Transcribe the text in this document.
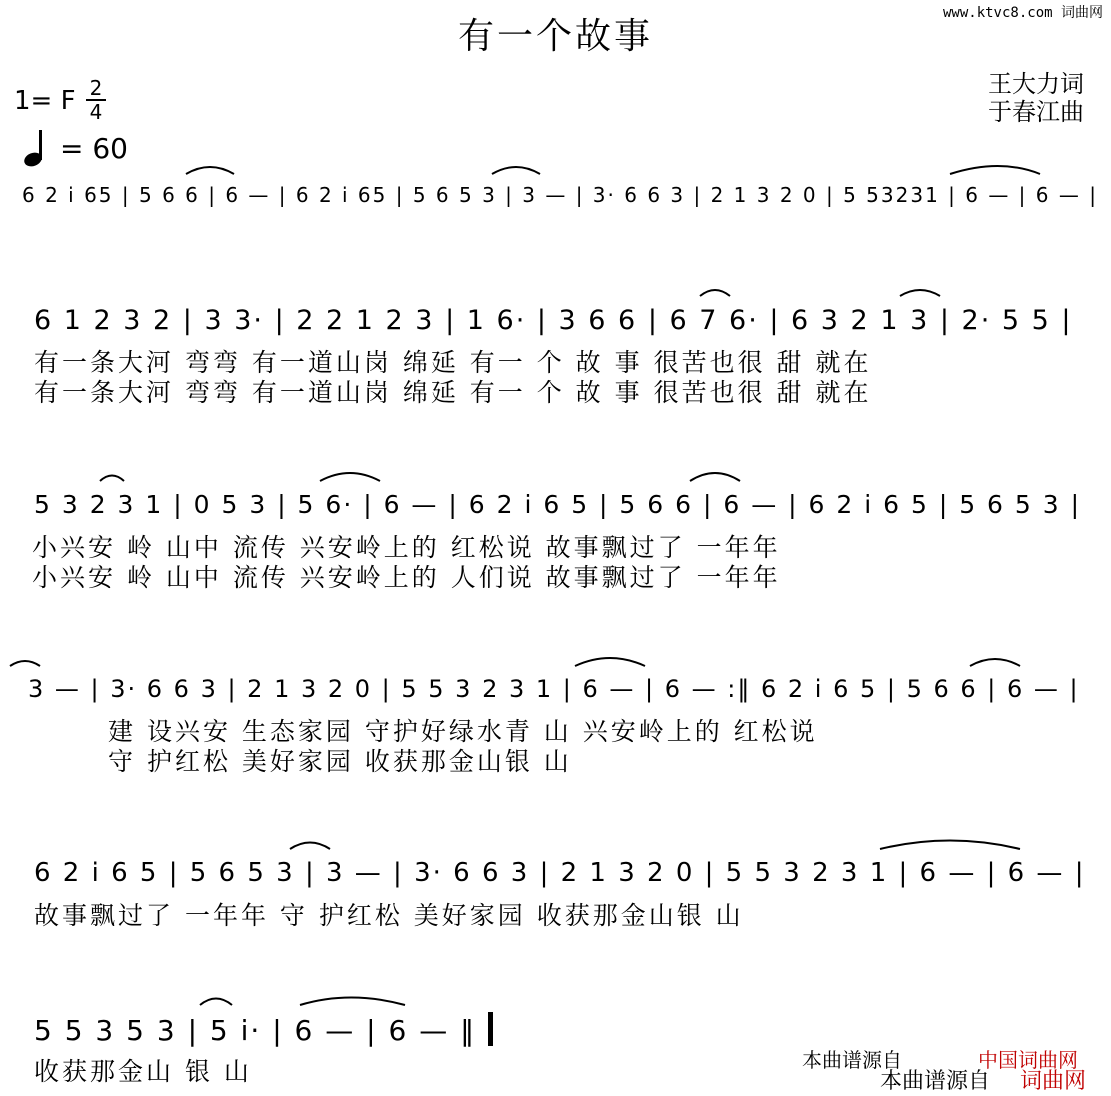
有一个故事
www.ktvc8.com 词曲网
王大力词
于春江曲
1= F 2
4
= 60
6 2 i 65 | 5 6 6 | 6 — | 6 2 i 65 | 5 6 5 3 | 3 — | 3· 6 6 3 | 2 1 3 2 0 | 5 53231 | 6 — | 6 — |
6 1 2 3 2 | 3 3· | 2 2 1 2 3 | 1 6· | 3 6 6 | 6 7 6· | 6 3 2 1 3 | 2· 5 5 |
有一条大河 弯弯 有一道山岗 绵延 有一 个 故 事 很苦也很 甜 就在
有一条大河 弯弯 有一道山岗 绵延 有一 个 故 事 很苦也很 甜 就在
5 3 2 3 1 | 0 5 3 | 5 6· | 6 — | 6 2 i 6 5 | 5 6 6 | 6 — | 6 2 i 6 5 | 5 6 5 3 |
小兴安 岭 山中 流传 兴安岭上的 红松说 故事飘过了 一年年
小兴安 岭 山中 流传 兴安岭上的 人们说 故事飘过了 一年年
3 — | 3· 6 6 3 | 2 1 3 2 0 | 5 5 3 2 3 1 | 6 — | 6 — :‖ 6 2 i 6 5 | 5 6 6 | 6 — |
建 设兴安 生态家园 守护好绿水青 山 兴安岭上的 红松说
守 护红松 美好家园 收获那金山银 山
6 2 i 6 5 | 5 6 5 3 | 3 — | 3· 6 6 3 | 2 1 3 2 0 | 5 5 3 2 3 1 | 6 — | 6 — |
故事飘过了 一年年 守 护红松 美好家园 收获那金山银 山
5 5 3 5 3 | 5 i· | 6 — | 6 — ‖
收获那金山 银 山	本曲谱源自	中国词曲网
本曲谱源自 词曲网
